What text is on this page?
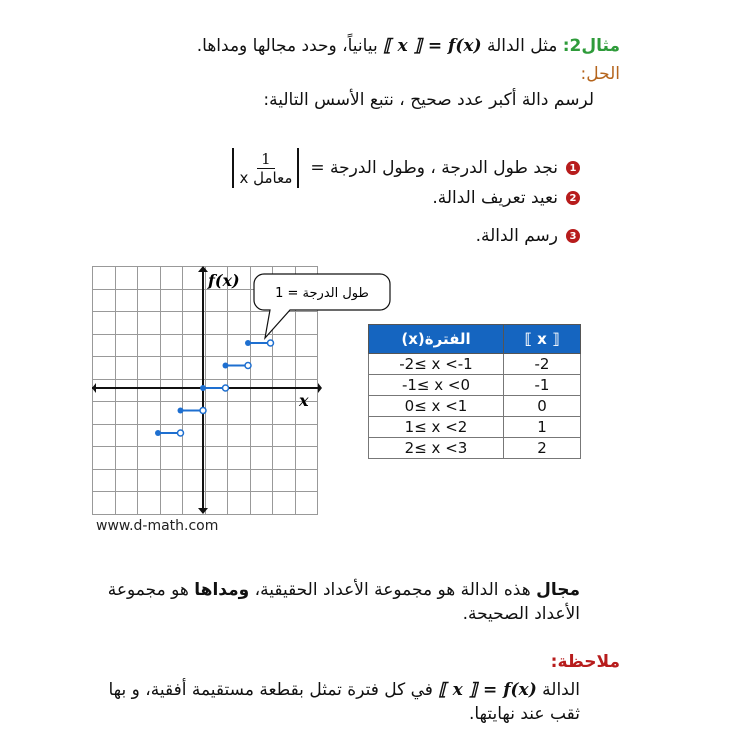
مثال2: مثل الدالة ⟦ x ⟧ = f(x) بيانياً، وحدد مجالها ومداها.
الحل:
لرسم دالة أكبر عدد صحيح ، نتبع الأسس التالية:
1
نجد طول الدرجة ، وطول الدرجة =
$\frac{1}{\text{معامل x}}$
2
نعيد تعريف الدالة.
3
رسم الدالة.
f(x)
x
طول الدرجة = 1
www.d-math.com
الفترة(x)	⟦ x ⟧
-2≤ x <-1	-2
-1≤ x <0	-1
0≤ x <1	0
1≤ x <2	1
2≤ x <3	2
مجال هذه الدالة هو مجموعة الأعداد الحقيقية، ومداها هو مجموعة الأعداد الصحيحة.
ملاحظة:
الدالة ⟦ x ⟧ = f(x) في كل فترة تمثل بقطعة مستقيمة أفقية، و بها ثقب عند نهايتها.
